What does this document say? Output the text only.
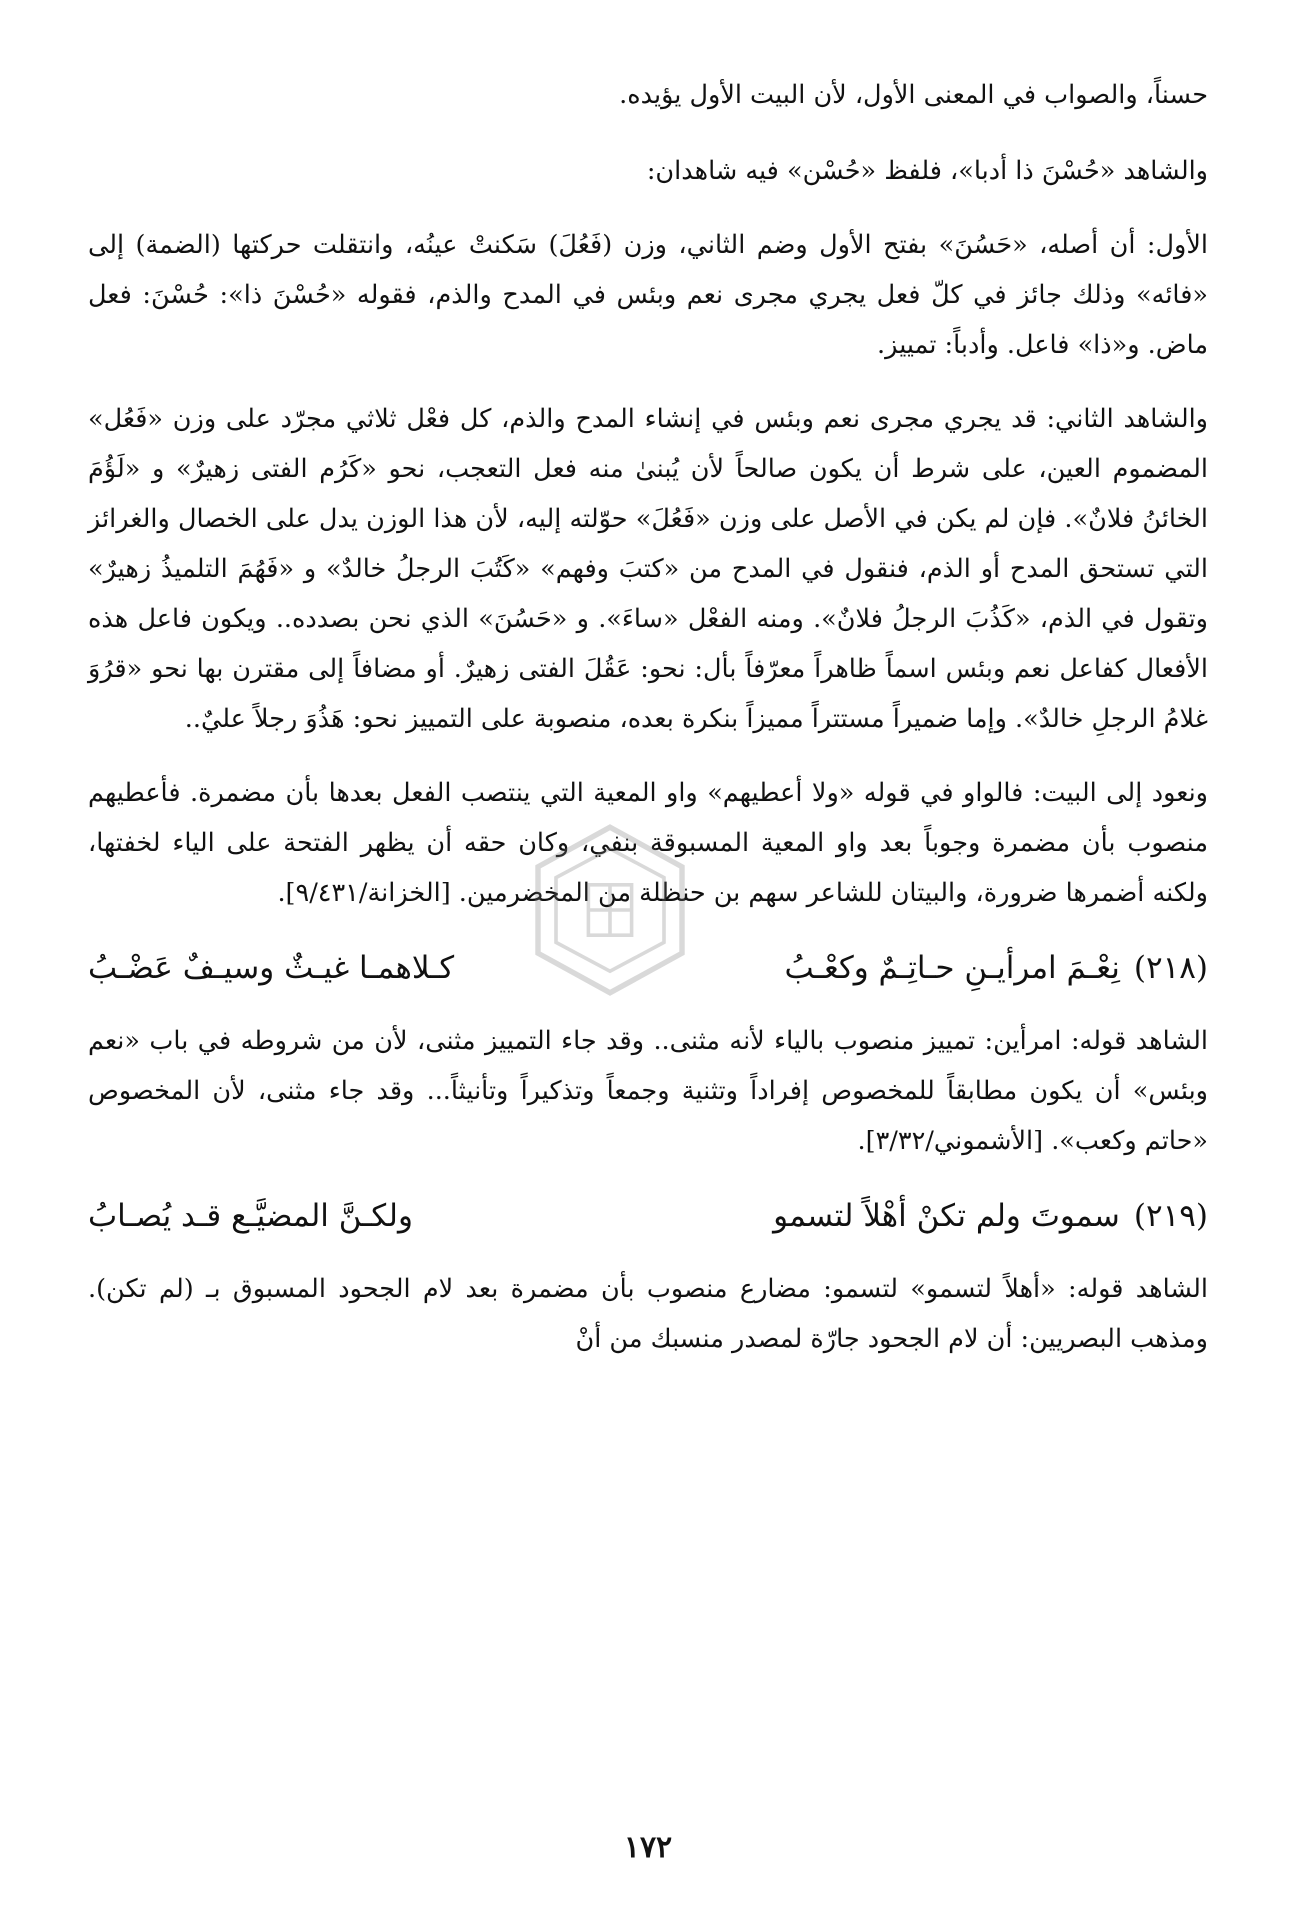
حسناً، والصواب في المعنى الأول، لأن البيت الأول يؤيده.

والشاهد «حُسْنَ ذا أدبا»، فلفظ «حُسْن» فيه شاهدان:

الأول: أن أصله، «حَسُنَ» بفتح الأول وضم الثاني، وزن (فَعُلَ) سَكنتْ عينُه، وانتقلت حركتها (الضمة) إلى «فائه» وذلك جائز في كلّ فعل يجري مجرى نعم وبئس في المدح والذم، فقوله «حُسْنَ ذا»: حُسْنَ: فعل ماض. و«ذا» فاعل. وأدباً: تمييز.

والشاهد الثاني: قد يجري مجرى نعم وبئس في إنشاء المدح والذم، كل فعْل ثلاثي مجرّد على وزن «فَعُل» المضموم العين، على شرط أن يكون صالحاً لأن يُبنىٰ منه فعل التعجب، نحو «كَرُم الفتى زهيرٌ» و «لَؤُمَ الخائنُ فلانٌ». فإن لم يكن في الأصل على وزن «فَعُلَ» حوّلته إليه، لأن هذا الوزن يدل على الخصال والغرائز التي تستحق المدح أو الذم، فنقول في المدح من «كتبَ وفهم» «كَتُبَ الرجلُ خالدٌ» و «فَهُمَ التلميذُ زهيرٌ» وتقول في الذم، «كَذُبَ الرجلُ فلانٌ». ومنه الفعْل «ساءَ». و «حَسُنَ» الذي نحن بصدده.. ويكون فاعل هذه الأفعال كفاعل نعم وبئس اسماً ظاهراً معرّفاً بأل: نحو: عَقُلَ الفتى زهيرٌ. أو مضافاً إلى مقترن بها نحو «قرُوَ غلامُ الرجلِ خالدٌ». وإما ضميراً مستتراً مميزاً بنكرة بعده، منصوبة على التمييز نحو: هَذُوَ رجلاً عليٌ..

ونعود إلى البيت: فالواو في قوله «ولا أعطيهم» واو المعية التي ينتصب الفعل بعدها بأن مضمرة. فأعطيهم منصوب بأن مضمرة وجوباً بعد واو المعية المسبوقة بنفي، وكان حقه أن يظهر الفتحة على الياء لخفتها، ولكنه أضمرها ضرورة، والبيتان للشاعر سهم بن حنظلة من المخضرمين. [الخزانة/٩/٤٣١].

(٢١٨)
نِعْـمَ امرأيـنِ حـاتِـمٌ وكعْـبُ
كـلاهمـا غيـثٌ وسيـفٌ عَضْـبُ

الشاهد قوله: امرأين: تمييز منصوب بالياء لأنه مثنى.. وقد جاء التمييز مثنى، لأن من شروطه في باب «نعم وبئس» أن يكون مطابقاً للمخصوص إفراداً وتثنية وجمعاً وتذكيراً وتأنيثاً... وقد جاء مثنى، لأن المخصوص «حاتم وكعب». [الأشموني/٣/٣٢].

(٢١٩)
سموتَ ولم تكنْ أهْلاً لتسمو
ولكـنَّ المضيَّـع قـد يُصـابُ

الشاهد قوله: «أهلاً لتسمو» لتسمو: مضارع منصوب بأن مضمرة بعد لام الجحود المسبوق بـ (لم تكن). ومذهب البصريين: أن لام الجحود جارّة لمصدر منسبك من أنْ

١٧٢
